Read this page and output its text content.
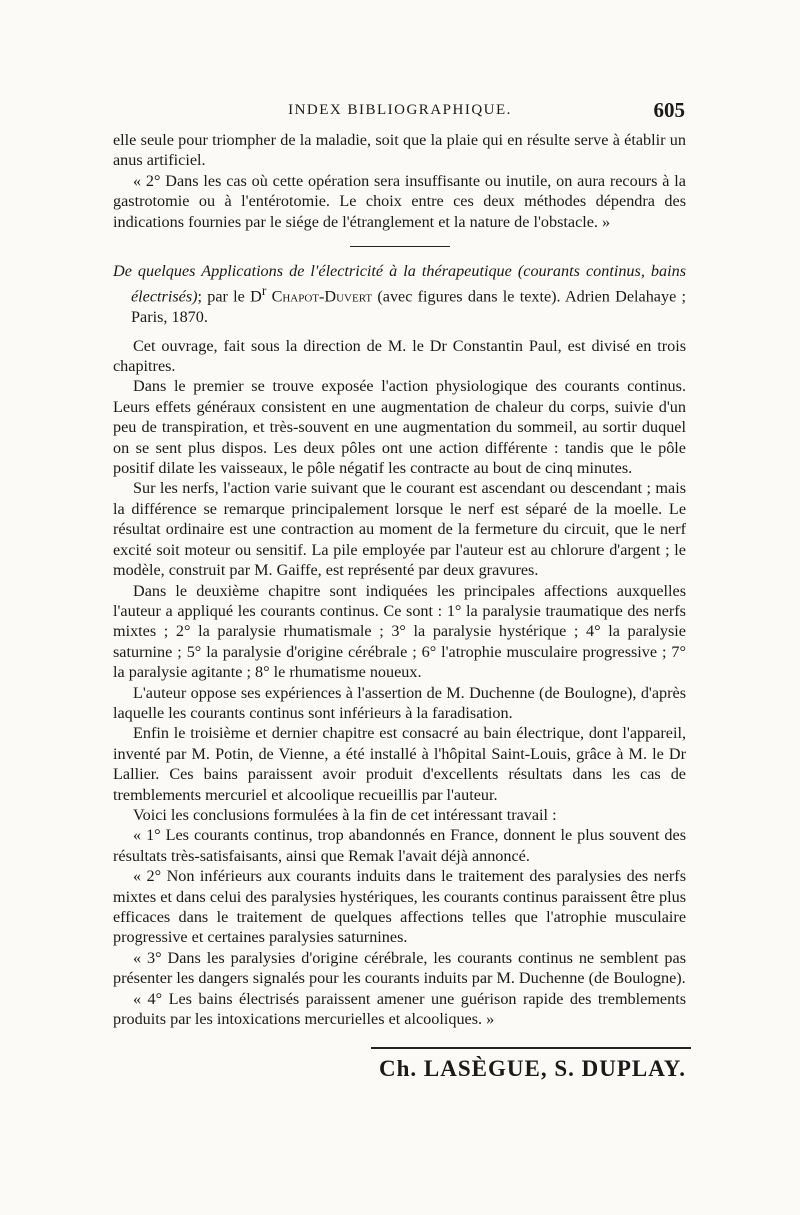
INDEX BIBLIOGRAPHIQUE.	605

elle seule pour triompher de la maladie, soit que la plaie qui en résulte serve à établir un anus artificiel.

« 2° Dans les cas où cette opération sera insuffisante ou inutile, on aura recours à la gastrotomie ou à l'entérotomie. Le choix entre ces deux méthodes dépendra des indications fournies par le siége de l'étranglement et la nature de l'obstacle. »

De quelques Applications de l'électricité à la thérapeutique (courants continus, bains électrisés); par le $D^r$ Chapot-Duvert (avec figures dans le texte). Adrien Delahaye ; Paris, 1870.

Cet ouvrage, fait sous la direction de M. le Dr Constantin Paul, est divisé en trois chapitres.

Dans le premier se trouve exposée l'action physiologique des courants continus. Leurs effets généraux consistent en une augmentation de chaleur du corps, suivie d'un peu de transpiration, et très-souvent en une augmentation du sommeil, au sortir duquel on se sent plus dispos. Les deux pôles ont une action différente : tandis que le pôle positif dilate les vaisseaux, le pôle négatif les contracte au bout de cinq minutes.

Sur les nerfs, l'action varie suivant que le courant est ascendant ou descendant ; mais la différence se remarque principalement lorsque le nerf est séparé de la moelle. Le résultat ordinaire est une contraction au moment de la fermeture du circuit, que le nerf excité soit moteur ou sensitif. La pile employée par l'auteur est au chlorure d'argent ; le modèle, construit par M. Gaiffe, est représenté par deux gravures.

Dans le deuxième chapitre sont indiquées les principales affections auxquelles l'auteur a appliqué les courants continus. Ce sont : 1° la paralysie traumatique des nerfs mixtes ; 2° la paralysie rhumatismale ; 3° la paralysie hystérique ; 4° la paralysie saturnine ; 5° la paralysie d'origine cérébrale ; 6° l'atrophie musculaire progressive ; 7° la paralysie agitante ; 8° le rhumatisme noueux.

L'auteur oppose ses expériences à l'assertion de M. Duchenne (de Boulogne), d'après laquelle les courants continus sont inférieurs à la faradisation.

Enfin le troisième et dernier chapitre est consacré au bain électrique, dont l'appareil, inventé par M. Potin, de Vienne, a été installé à l'hôpital Saint-Louis, grâce à M. le Dr Lallier. Ces bains paraissent avoir produit d'excellents résultats dans les cas de tremblements mercuriel et alcoolique recueillis par l'auteur.

Voici les conclusions formulées à la fin de cet intéressant travail :

« 1° Les courants continus, trop abandonnés en France, donnent le plus souvent des résultats très-satisfaisants, ainsi que Remak l'avait déjà annoncé.

« 2° Non inférieurs aux courants induits dans le traitement des paralysies des nerfs mixtes et dans celui des paralysies hystériques, les courants continus paraissent être plus efficaces dans le traitement de quelques affections telles que l'atrophie musculaire progressive et certaines paralysies saturnines.

« 3° Dans les paralysies d'origine cérébrale, les courants continus ne semblent pas présenter les dangers signalés pour les courants induits par M. Duchenne (de Boulogne).

« 4° Les bains électrisés paraissent amener une guérison rapide des tremblements produits par les intoxications mercurielles et alcooliques. »

Ch. LASÈGUE, S. DUPLAY.
